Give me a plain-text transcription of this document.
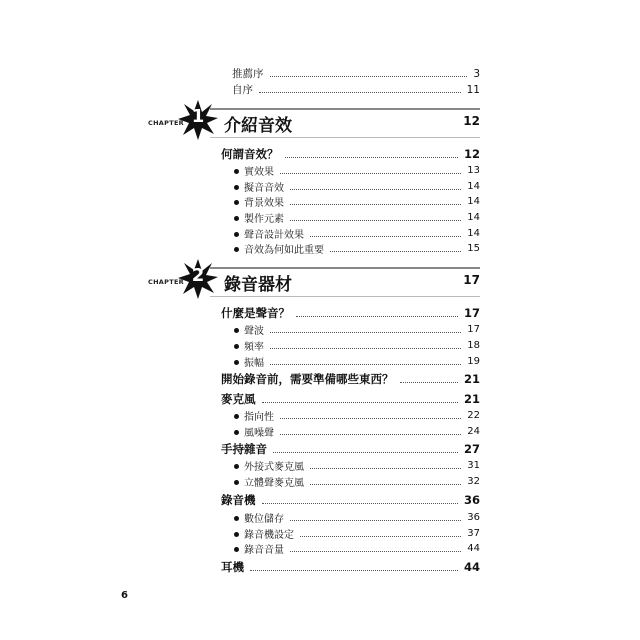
推薦序	3
自序	11
CHAPTER 1	介紹音效	12
何謂音效？	12
實效果	13
擬音音效	14
背景效果	14
製作元素	14
聲音設計效果	14
音效為何如此重要	15
CHAPTER 2	錄音器材	17
什麼是聲音？	17
聲波	17
頻率	18
振幅	19
開始錄音前，需要準備哪些東西？	21
麥克風	21
指向性	22
風噪聲	24
手持雜音	27
外接式麥克風	31
立體聲麥克風	32
錄音機	36
數位儲存	36
錄音機設定	37
錄音音量	44
耳機	44
6
